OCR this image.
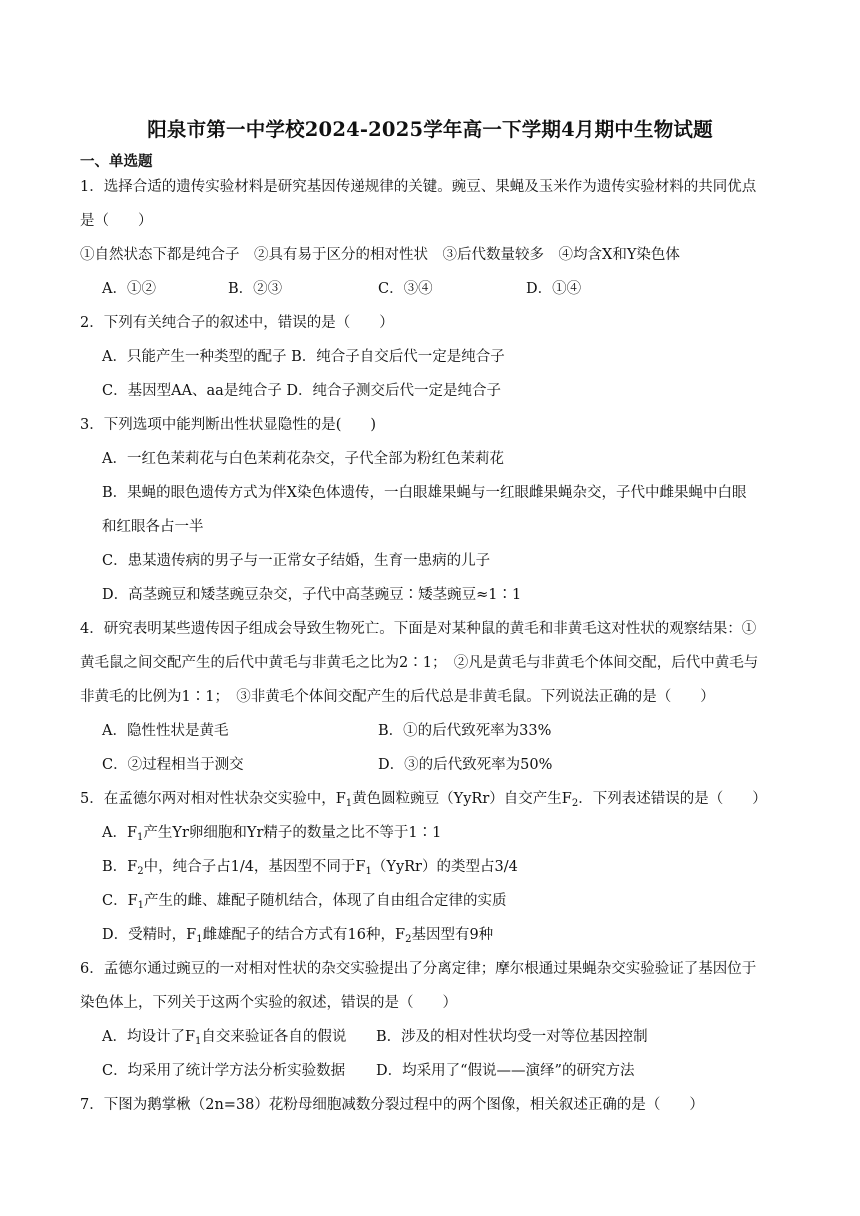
阳泉市第一中学校2024-2025学年高一下学期4月期中生物试题
一、单选题
1．选择合适的遗传实验材料是研究基因传递规律的关键。豌豆、果蝇及玉米作为遗传实验材料的共同优点
是（　　）
①自然状态下都是纯合子　②具有易于区分的相对性状　③后代数量较多　④均含X和Y染色体
A．①②	B．②③	C．③④	D．①④
2．下列有关纯合子的叙述中，错误的是（　　）
A．只能产生一种类型的配子 B．纯合子自交后代一定是纯合子
C．基因型AA、aa是纯合子 D．纯合子测交后代一定是纯合子
3．下列选项中能判断出性状显隐性的是(　　)
A．一红色茉莉花与白色茉莉花杂交，子代全部为粉红色茉莉花
B．果蝇的眼色遗传方式为伴X染色体遗传，一白眼雄果蝇与一红眼雌果蝇杂交，子代中雌果蝇中白眼
和红眼各占一半
C．患某遗传病的男子与一正常女子结婚，生育一患病的儿子
D．高茎豌豆和矮茎豌豆杂交，子代中高茎豌豆∶矮茎豌豆≈1∶1
4．研究表明某些遗传因子组成会导致生物死亡。下面是对某种鼠的黄毛和非黄毛这对性状的观察结果：①
黄毛鼠之间交配产生的后代中黄毛与非黄毛之比为2∶1；　②凡是黄毛与非黄毛个体间交配，后代中黄毛与
非黄毛的比例为1∶1；　③非黄毛个体间交配产生的后代总是非黄毛鼠。下列说法正确的是（　　）
A．隐性性状是黄毛	B．①的后代致死率为33%
C．②过程相当于测交	D．③的后代致死率为50%
5．在孟德尔两对相对性状杂交实验中，$F_1$黄色圆粒豌豆（YyRr）自交产生$F_2$．下列表述错误的是（　　）
A．$F_1$产生Yr卵细胞和Yr精子的数量之比不等于1∶1
B．$F_2$中，纯合子占1/4，基因型不同于$F_1(YyRr)$的类型占3/4
C．$F_1$产生的雌、雄配子随机结合，体现了自由组合定律的实质
D．受精时，$F_1$雌雄配子的结合方式有16种，$F_2$基因型有9种
6．孟德尔通过豌豆的一对相对性状的杂交实验提出了分离定律；摩尔根通过果蝇杂交实验验证了基因位于
染色体上，下列关于这两个实验的叙述，错误的是（　　）
A．均设计了$F_1$自交来验证各自的假说 B．涉及的相对性状均受一对等位基因控制
C．均采用了统计学方法分析实验数据 D．均采用了“假说——演绎”的研究方法
7．下图为鹅掌楸（2n=38）花粉母细胞减数分裂过程中的两个图像，相关叙述正确的是（　　）
